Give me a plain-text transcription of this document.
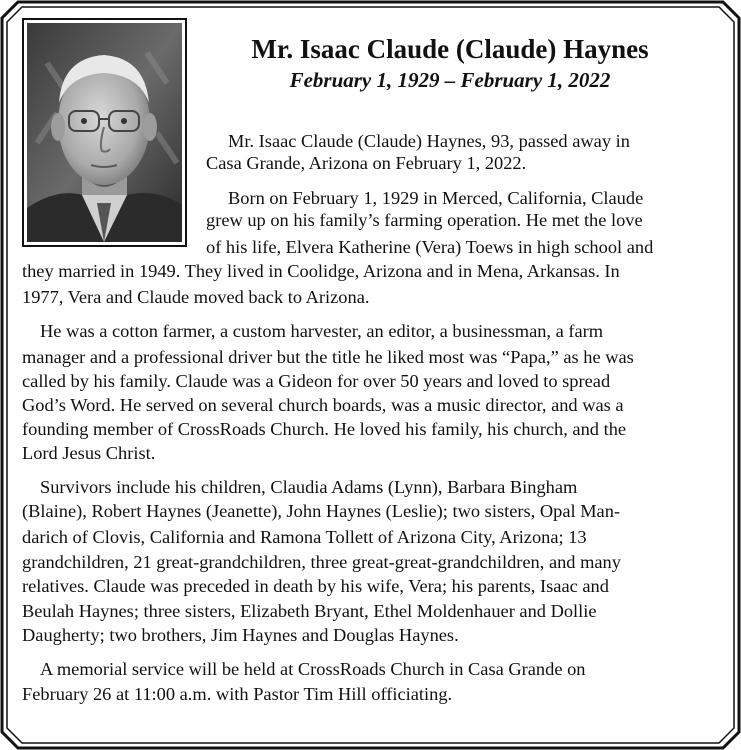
Mr. Isaac Claude (Claude) Haynes
February 1, 1929 – February 1, 2022

Mr. Isaac Claude (Claude) Haynes, 93, passed away in

Casa Grande, Arizona on February 1, 2022.

Born on February 1, 1929 in Merced, California, Claude

grew up on his family’s farming operation. He met the love

of his life, Elvera Katherine (Vera) Toews in high school and

they married in 1949. They lived in Coolidge, Arizona and in Mena, Arkansas. In

1977, Vera and Claude moved back to Arizona.

He was a cotton farmer, a custom harvester, an editor, a businessman, a farm

manager and a professional driver but the title he liked most was “Papa,” as he was

called by his family. Claude was a Gideon for over 50 years and loved to spread

God’s Word. He served on several church boards, was a music director, and was a

founding member of CrossRoads Church. He loved his family, his church, and the

Lord Jesus Christ.

Survivors include his children, Claudia Adams (Lynn), Barbara Bingham

(Blaine), Robert Haynes (Jeanette), John Haynes (Leslie); two sisters, Opal Man-

darich of Clovis, California and Ramona Tollett of Arizona City, Arizona; 13

grandchildren, 21 great-grandchildren, three great-great-grandchildren, and many

relatives. Claude was preceded in death by his wife, Vera; his parents, Isaac and

Beulah Haynes; three sisters, Elizabeth Bryant, Ethel Moldenhauer and Dollie

Daugherty; two brothers, Jim Haynes and Douglas Haynes.

A memorial service will be held at CrossRoads Church in Casa Grande on

February 26 at 11:00 a.m. with Pastor Tim Hill officiating.
